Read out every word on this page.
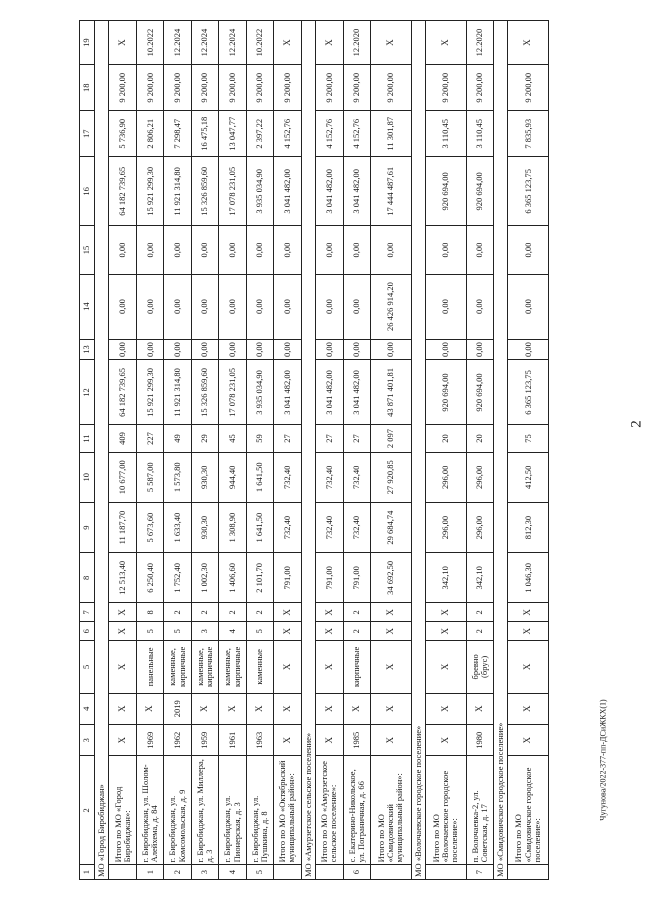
2
Чугунова/2022-377-пп-ДСиЖКХ(1)
1	2	3	4	5	6	7	8	9	10	11	12	13	14	15	16	17	18	19
МО «Город Биробиджан»																		
	Итого по МО «Город Биробиджан»:	Х	Х	Х	Х	Х	12 513,40	11 187,70	10 677,00	409	64 182 739,65	0,00	0,00	0,00	64 182 739,65	5 736,90	9 200,00	Х
1	г. Биробиджан, ул. Шолом-Алейхема, д. 84	1969	Х	панельные	5	8	6 250,40	5 673,60	5 587,00	227	15 921 299,30	0,00	0,00	0,00	15 921 299,30	2 806,21	9 200,00	10.2022
2	г. Биробиджан, ул. Комсомольская, д. 9	1962	2019	каменные, кирпичные	5	2	1 752,40	1 633,40	1 573,80	49	11 921 314,80	0,00	0,00	0,00	11 921 314,80	7 298,47	9 200,00	12.2024
3	г. Биробиджан, ул. Миллера, д. 3	1959	Х	каменные, кирпичные	3	2	1 002,30	930,30	930,30	29	15 326 859,60	0,00	0,00	0,00	15 326 859,60	16 475,18	9 200,00	12.2024
4	г. Биробиджан, ул. Пионерская, д. 3	1961	Х	каменные, кирпичные	4	2	1 406,60	1 308,90	944,40	45	17 078 231,05	0,00	0,00	0,00	17 078 231,05	13 047,77	9 200,00	12.2024
5	г. Биробиджан, ул. Пушкина, д. 8	1963	Х	каменные	5	2	2 101,70	1 641,50	1 641,50	59	3 935 034,90	0,00	0,00	0,00	3 935 034,90	2 397,22	9 200,00	10.2022
	Итого по МО «Октябрьский муниципальный район»:	Х	Х	Х	Х	Х	791,00	732,40	732,40	27	3 041 482,00	0,00	0,00	0,00	3 041 482,00	4 152,76	9 200,00	Х
МО «Амурзетское сельское поселение»																		
	Итого по МО «Амурзетское сельское поселение»:	Х	Х	Х	Х	Х	791,00	732,40	732,40	27	3 041 482,00	0,00	0,00	0,00	3 041 482,00	4 152,76	9 200,00	Х
6	с. Екатерино-Никольское, ул. Пограничная, д. 66	1985	Х	кирпичные	2	2	791,00	732,40	732,40	27	3 041 482,00	0,00	0,00	0,00	3 041 482,00	4 152,76	9 200,00	12.2020
	Итого по МО «Смидовичский муниципальный район»:	Х	Х	Х	Х	Х	34 692,50	29 684,74	27 920,85	2 097	43 871 401,81	0,00	26 426 914,20	0,00	17 444 487,61	11 301,87	9 200,00	Х
МО «Волочаевское городское поселение»																		
	Итого по МО «Волочаевское городское поселение»:	Х	Х	Х	Х	Х	342,10	296,00	296,00	20	920 694,00	0,00	0,00	0,00	920 694,00	3 110,45	9 200,00	Х
7	п. Волочаевка-2, ул. Советская, д. 17	1980	Х	бревно (брус)	2	2	342,10	296,00	296,00	20	920 694,00	0,00	0,00	0,00	920 694,00	3 110,45	9 200,00	12.2020
МО «Смидовичское городское поселение»																		
	Итого по МО «Смидовичское городское поселение»:	Х	Х	Х	Х	Х	1 046,30	812,30	412,50	75	6 365 123,75	0,00	0,00	0,00	6 365 123,75	7 835,93	9 200,00	Х
